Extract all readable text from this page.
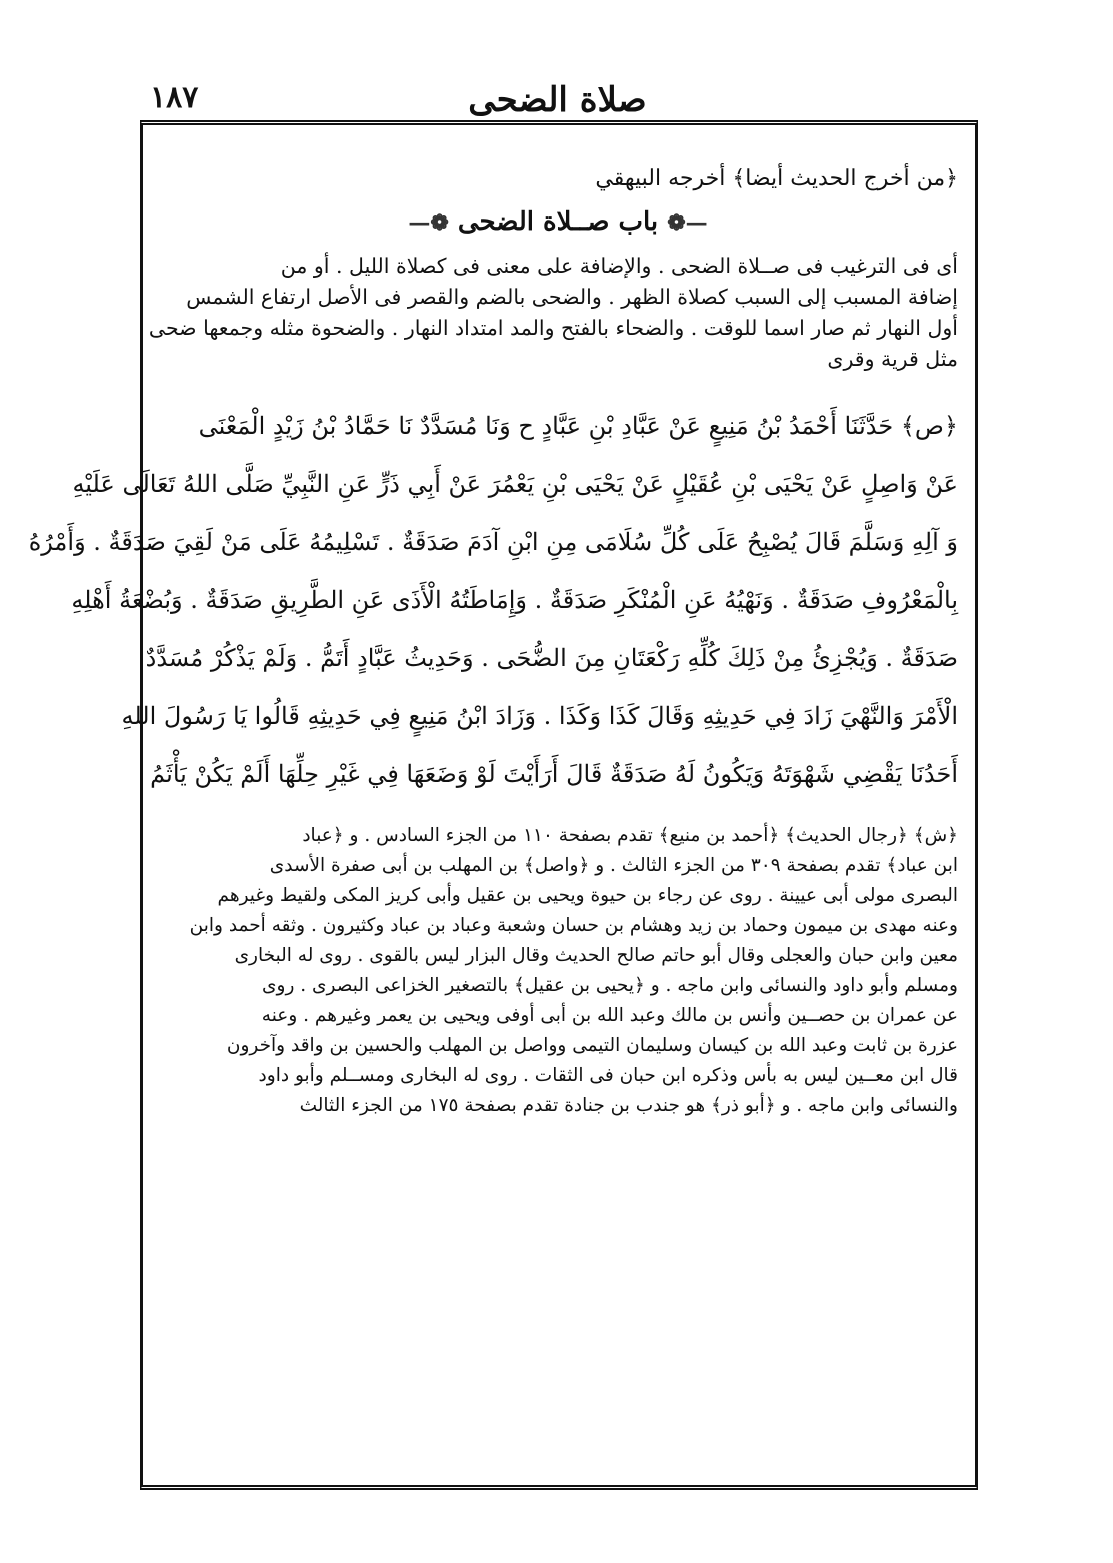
صلاة الضحى
١٨٧
﴿من أخرج الحديث أيضا﴾ أخرجه البيهقي
—❁ باب صــلاة الضحى ❁—
أى فى الترغيب فى صــلاة الضحى . والإضافة على معنى فى كصلاة الليل . أو من
إضافة المسبب إلى السبب كصلاة الظهر . والضحى بالضم والقصر فى الأصل ارتفاع الشمس
أول النهار ثم صار اسما للوقت . والضحاء بالفتح والمد امتداد النهار . والضحوة مثله وجمعها ضحى
مثل قرية وقرى
﴿ص﴾ حَدَّثَنَا أَحْمَدُ بْنُ مَنِيعٍ عَنْ عَبَّادِ بْنِ عَبَّادٍ ح وَنَا مُسَدَّدٌ نَا حَمَّادُ بْنُ زَيْدٍ الْمَعْنَى
عَنْ وَاصِلٍ عَنْ يَحْيَى بْنِ عُقَيْلٍ عَنْ يَحْيَى بْنِ يَعْمُرَ عَنْ أَبِي ذَرٍّ عَنِ النَّبِيِّ صَلَّى اللهُ تَعَالَى عَلَيْهِ
وَ آلِهِ وَسَلَّمَ قَالَ يُصْبِحُ عَلَى كُلِّ سُلَامَى مِنِ ابْنِ آدَمَ صَدَقَةٌ . تَسْلِيمُهُ عَلَى مَنْ لَقِيَ صَدَقَةٌ . وَأَمْرُهُ
بِالْمَعْرُوفِ صَدَقَةٌ . وَنَهْيُهُ عَنِ الْمُنْكَرِ صَدَقَةٌ . وَإِمَاطَتُهُ الْأَذَى عَنِ الطَّرِيقِ صَدَقَةٌ . وَبُضْعَةُ أَهْلِهِ
صَدَقَةٌ . وَيُجْزِئُ مِنْ ذَلِكَ كُلِّهِ رَكْعَتَانِ مِنَ الضُّحَى . وَحَدِيثُ عَبَّادٍ أَتَمُّ . وَلَمْ يَذْكُرْ مُسَدَّدٌ
الْأَمْرَ وَالنَّهْيَ زَادَ فِي حَدِيثِهِ وَقَالَ كَذَا وَكَذَا . وَزَادَ ابْنُ مَنِيعٍ فِي حَدِيثِهِ قَالُوا يَا رَسُولَ اللهِ
أَحَدُنَا يَقْضِي شَهْوَتَهُ وَيَكُونُ لَهُ صَدَقَةٌ قَالَ أَرَأَيْتَ لَوْ وَضَعَهَا فِي غَيْرِ حِلِّهَا أَلَمْ يَكُنْ يَأْثَمُ
﴿ش﴾ ﴿رجال الحديث﴾ ﴿أحمد بن منيع﴾ تقدم بصفحة ١١٠ من الجزء السادس . و ﴿عباد
ابن عباد﴾ تقدم بصفحة ٣٠٩ من الجزء الثالث . و ﴿واصل﴾ بن المهلب بن أبى صفرة الأسدى
البصرى مولى أبى عيينة . روى عن رجاء بن حيوة ويحيى بن عقيل وأبى كريز المكى ولقيط وغيرهم
وعنه مهدى بن ميمون وحماد بن زيد وهشام بن حسان وشعبة وعباد بن عباد وكثيرون . وثقه أحمد وابن
معين وابن حبان والعجلى وقال أبو حاتم صالح الحديث وقال البزار ليس بالقوى . روى له البخارى
ومسلم وأبو داود والنسائى وابن ماجه . و ﴿يحيى بن عقيل﴾ بالتصغير الخزاعى البصرى . روى
عن عمران بن حصــين وأنس بن مالك وعبد الله بن أبى أوفى ويحيى بن يعمر وغيرهم . وعنه
عزرة بن ثابت وعبد الله بن كيسان وسليمان التيمى وواصل بن المهلب والحسين بن واقد وآخرون
قال ابن معــين ليس به بأس وذكره ابن حبان فى الثقات . روى له البخارى ومســلم وأبو داود
والنسائى وابن ماجه . و ﴿أبو ذر﴾ هو جندب بن جنادة تقدم بصفحة ١٧٥ من الجزء الثالث
